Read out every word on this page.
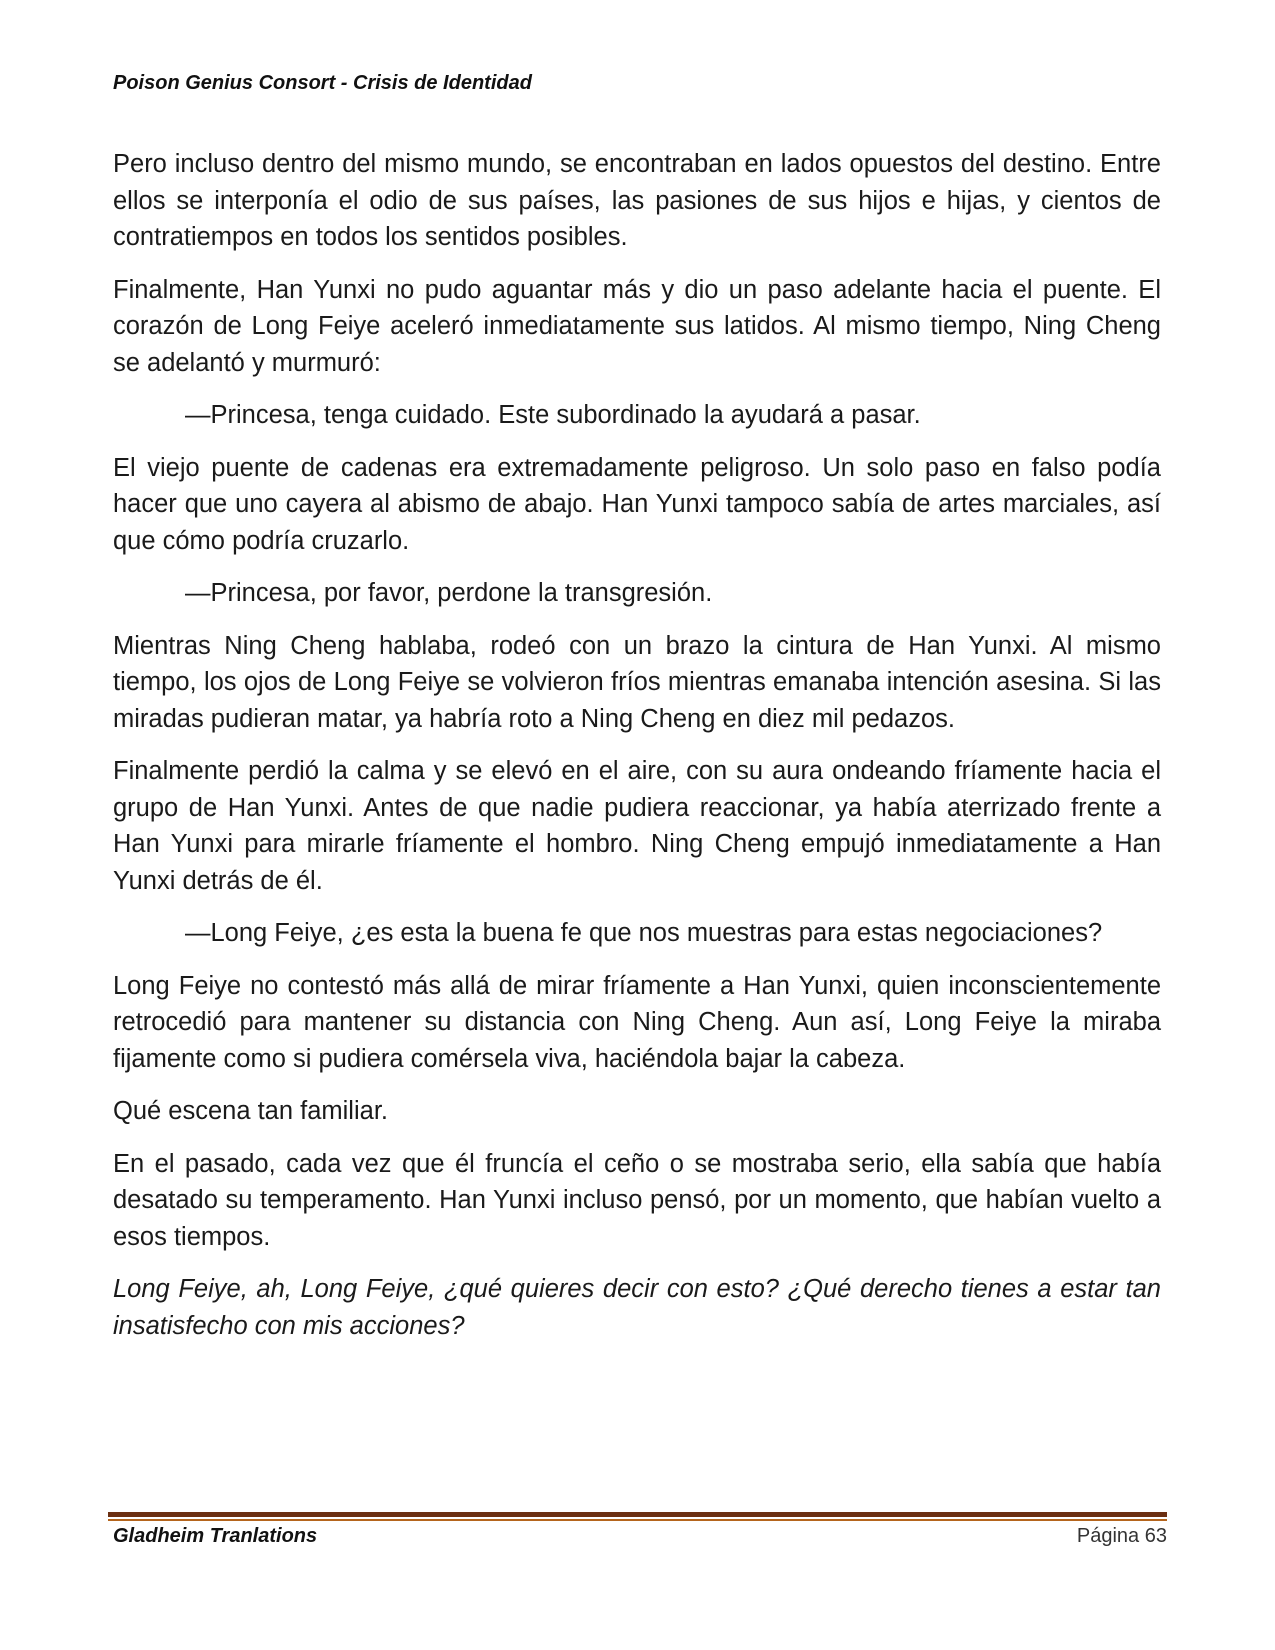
Poison Genius Consort - Crisis de Identidad

Pero incluso dentro del mismo mundo, se encontraban en lados opuestos del destino. Entre ellos se interponía el odio de sus países, las pasiones de sus hijos e hijas, y cientos de contratiempos en todos los sentidos posibles.

Finalmente, Han Yunxi no pudo aguantar más y dio un paso adelante hacia el puente. El corazón de Long Feiye aceleró inmediatamente sus latidos. Al mismo tiempo, Ning Cheng se adelantó y murmuró:

—Princesa, tenga cuidado. Este subordinado la ayudará a pasar.

El viejo puente de cadenas era extremadamente peligroso. Un solo paso en falso podía hacer que uno cayera al abismo de abajo. Han Yunxi tampoco sabía de artes marciales, así que cómo podría cruzarlo.

—Princesa, por favor, perdone la transgresión.

Mientras Ning Cheng hablaba, rodeó con un brazo la cintura de Han Yunxi. Al mismo tiempo, los ojos de Long Feiye se volvieron fríos mientras emanaba intención asesina. Si las miradas pudieran matar, ya habría roto a Ning Cheng en diez mil pedazos.

Finalmente perdió la calma y se elevó en el aire, con su aura ondeando fríamente hacia el grupo de Han Yunxi. Antes de que nadie pudiera reaccionar, ya había aterrizado frente a Han Yunxi para mirarle fríamente el hombro. Ning Cheng empujó inmediatamente a Han Yunxi detrás de él.

—Long Feiye, ¿es esta la buena fe que nos muestras para estas negociaciones?

Long Feiye no contestó más allá de mirar fríamente a Han Yunxi, quien inconscientemente retrocedió para mantener su distancia con Ning Cheng. Aun así, Long Feiye la miraba fijamente como si pudiera comérsela viva, haciéndola bajar la cabeza.

Qué escena tan familiar.

En el pasado, cada vez que él fruncía el ceño o se mostraba serio, ella sabía que había desatado su temperamento. Han Yunxi incluso pensó, por un momento, que habían vuelto a esos tiempos.

Long Feiye, ah, Long Feiye, ¿qué quieres decir con esto? ¿Qué derecho tienes a estar tan insatisfecho con mis acciones?

Gladheim Tranlations	Página 63
